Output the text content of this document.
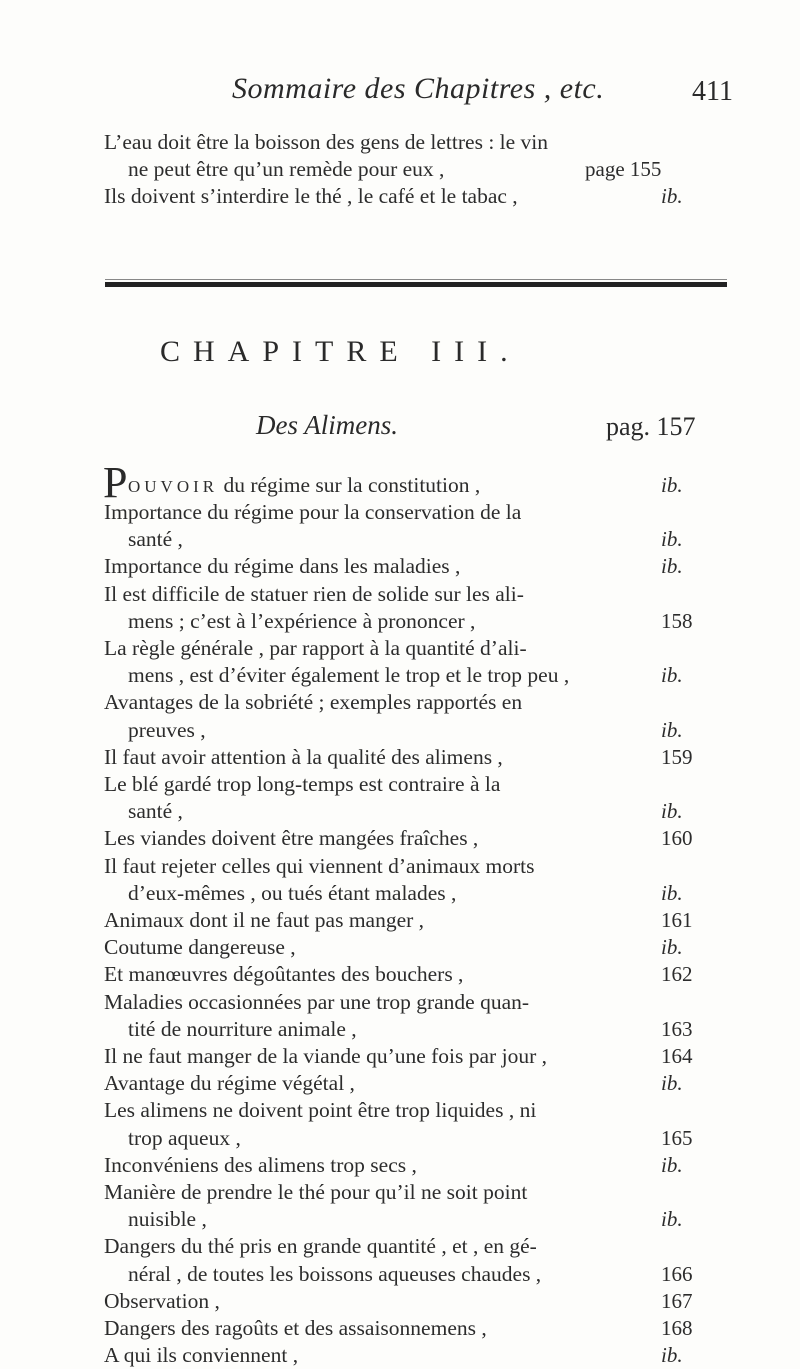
Sommaire des Chapitres , etc.	411
L’eau doit être la boisson des gens de lettres : le vin
ne peut être qu’un remède pour eux ,	page 155
Ils doivent s’interdire le thé , le café et le tabac ,	ib.
CHAPITRE III.
Des Alimens.	pag. 157
P OUVOIR du régime sur la constitution ,	ib.
Importance du régime pour la conservation de la
santé ,	ib.
Importance du régime dans les maladies ,	ib.
Il est difficile de statuer rien de solide sur les ali-
mens ; c’est à l’expérience à prononcer ,	158
La règle générale , par rapport à la quantité d’ali-
mens , est d’éviter également le trop et le trop peu ,	ib.
Avantages de la sobriété ; exemples rapportés en
preuves ,	ib.
Il faut avoir attention à la qualité des alimens ,	159
Le blé gardé trop long-temps est contraire à la
santé ,	ib.
Les viandes doivent être mangées fraîches ,	160
Il faut rejeter celles qui viennent d’animaux morts
d’eux-mêmes , ou tués étant malades ,	ib.
Animaux dont il ne faut pas manger ,	161
Coutume dangereuse ,	ib.
Et manœuvres dégoûtantes des bouchers ,	162
Maladies occasionnées par une trop grande quan-
tité de nourriture animale ,	163
Il ne faut manger de la viande qu’une fois par jour ,	164
Avantage du régime végétal ,	ib.
Les alimens ne doivent point être trop liquides , ni
trop aqueux ,	165
Inconvéniens des alimens trop secs ,	ib.
Manière de prendre le thé pour qu’il ne soit point
nuisible ,	ib.
Dangers du thé pris en grande quantité , et , en gé-
néral , de toutes les boissons aqueuses chaudes ,	166
Observation ,	167
Dangers des ragoûts et des assaisonnemens ,	168
A qui ils conviennent ,	ib.
